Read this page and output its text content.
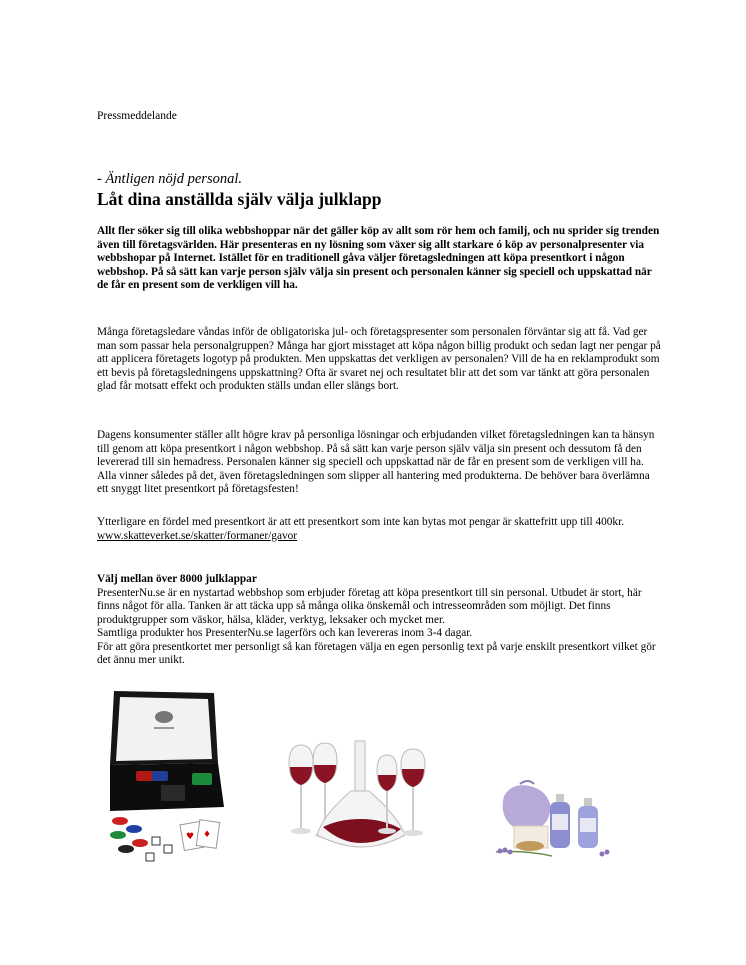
Pressmeddelande
- Äntligen nöjd personal.
Låt dina anställda själv välja julklapp

Allt fler söker sig till olika webbshoppar när det gäller köp av allt som rör hem och familj, och nu sprider sig trenden även till företagsvärlden. Här presenteras en ny lösning som växer sig allt starkare ó köp av personalpresenter via webbshopar på Internet. Istället för en traditionell gåva väljer företagsledningen att köpa presentkort i någon webbshop. På så sätt kan varje person själv välja sin present och personalen känner sig speciell och uppskattad när de får en present som de verkligen vill ha.

Många företagsledare våndas inför de obligatoriska jul- och företagspresenter som personalen förväntar sig att få. Vad ger man som passar hela personalgruppen? Många har gjort misstaget att köpa någon billig produkt och sedan lagt ner pengar på att applicera företagets logotyp på produkten. Men uppskattas det verkligen av personalen? Vill de ha en reklamprodukt som ett bevis på företagsledningens uppskattning? Ofta är svaret nej och resultatet blir att det som var tänkt att göra personalen glad får motsatt effekt och produkten ställs undan eller slängs bort.

Dagens konsumenter ställer allt högre krav på personliga lösningar och erbjudanden vilket företagsledningen kan ta hänsyn till genom att köpa presentkort i någon webbshop. På så sätt kan varje person själv välja sin present och dessutom få den levererad till sin hemadress. Personalen känner sig speciell och uppskattad när de får en present som de verkligen vill ha. Alla vinner således på det, även företagsledningen som slipper all hantering med produkterna. De behöver bara överlämna ett snyggt litet presentkort på företagsfesten!

Ytterligare en fördel med presentkort är att ett presentkort som inte kan bytas mot pengar är skattefritt upp till 400kr. www.skatteverket.se/skatter/formaner/gavor

Välj mellan över 8000 julklappar
PresenterNu.se är en nystartad webbshop som erbjuder företag att köpa presentkort till sin personal. Utbudet är stort, här finns något för alla. Tanken är att täcka upp så många olika önskemål och intresseområden som möjligt. Det finns produktgrupper som väskor, hälsa, kläder, verktyg, leksaker och mycket mer.
Samtliga produkter hos PresenterNu.se lagerförs och kan levereras inom 3-4 dagar.
För att göra presentkortet mer personligt så kan företagen välja en egen personlig text på varje enskilt presentkort vilket gör det ännu mer unikt.
♥ ♦
